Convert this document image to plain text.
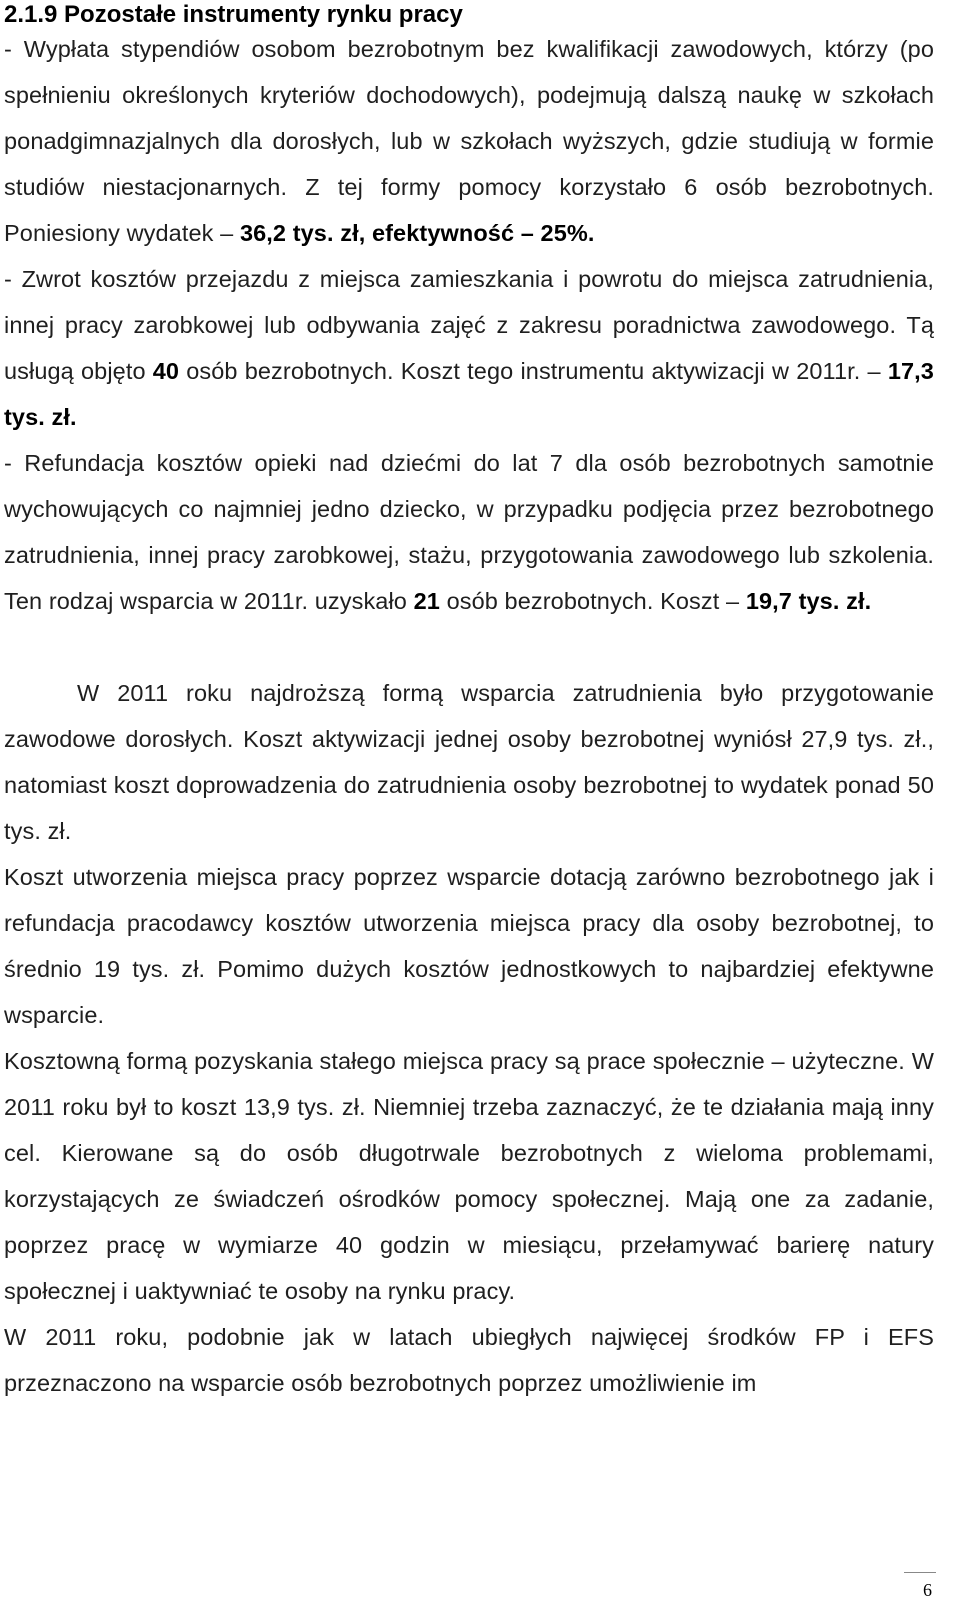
2.1.9 Pozostałe instrumenty rynku pracy

- Wypłata stypendiów osobom bezrobotnym bez kwalifikacji zawodowych, którzy (po spełnieniu określonych kryteriów dochodowych), podejmują dalszą naukę w szkołach ponadgimnazjalnych dla dorosłych, lub w szkołach wyższych, gdzie studiują w formie studiów niestacjonarnych. Z tej formy pomocy korzystało 6 osób bezrobotnych. Poniesiony wydatek – 36,2 tys. zł, efektywność – 25%.

- Zwrot kosztów przejazdu z miejsca zamieszkania i powrotu do miejsca zatrudnienia, innej pracy zarobkowej lub odbywania zajęć z zakresu poradnictwa zawodowego. Tą usługą objęto 40 osób bezrobotnych. Koszt tego instrumentu aktywizacji w 2011r. – 17,3 tys. zł.

- Refundacja kosztów opieki nad dziećmi do lat 7 dla osób bezrobotnych samotnie wychowujących co najmniej jedno dziecko, w przypadku podjęcia przez bezrobotnego zatrudnienia, innej pracy zarobkowej, stażu, przygotowania zawodowego lub szkolenia. Ten rodzaj wsparcia w 2011r. uzyskało 21 osób bezrobotnych. Koszt – 19,7 tys. zł.

W 2011 roku najdroższą formą wsparcia zatrudnienia było przygotowanie zawodowe dorosłych. Koszt aktywizacji jednej osoby bezrobotnej wyniósł 27,9 tys. zł., natomiast koszt doprowadzenia do zatrudnienia osoby bezrobotnej to wydatek ponad 50 tys. zł.

Koszt utworzenia miejsca pracy poprzez wsparcie dotacją zarówno bezrobotnego jak i refundacja pracodawcy kosztów utworzenia miejsca pracy dla osoby bezrobotnej, to średnio 19 tys. zł. Pomimo dużych kosztów jednostkowych to najbardziej efektywne wsparcie.

Kosztowną formą pozyskania stałego miejsca pracy są prace społecznie – użyteczne. W 2011 roku był to koszt 13,9 tys. zł. Niemniej trzeba zaznaczyć, że te działania mają inny cel. Kierowane są do osób długotrwale bezrobotnych z wieloma problemami, korzystających ze świadczeń ośrodków pomocy społecznej. Mają one za zadanie, poprzez pracę w wymiarze 40 godzin w miesiącu, przełamywać barierę natury społecznej i uaktywniać te osoby na rynku pracy.

W 2011 roku, podobnie jak w latach ubiegłych najwięcej środków FP i EFS przeznaczono na wsparcie osób bezrobotnych poprzez umożliwienie im

6
